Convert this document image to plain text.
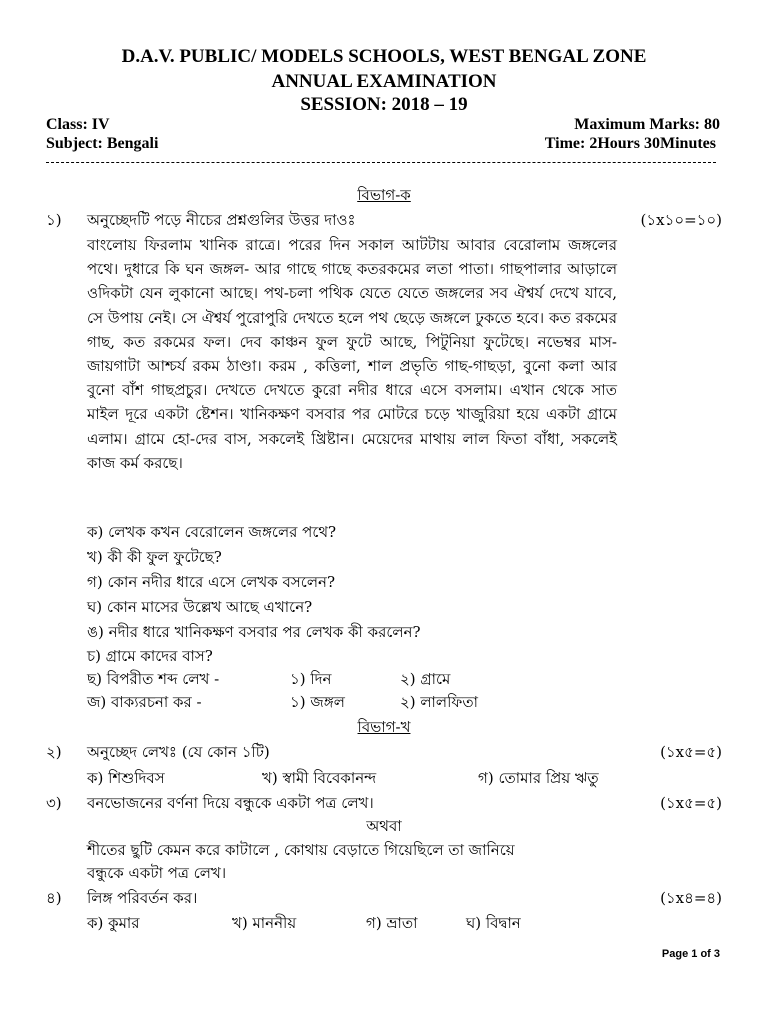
D.A.V. PUBLIC/ MODELS SCHOOLS, WEST BENGAL ZONE
ANNUAL EXAMINATION
SESSION: 2018 – 19
Class: IV
Subject: Bengali
Maximum Marks: 80
Time: 2Hours 30Minutes
বিভাগ-ক
১) অনুচ্ছেদটি পড়ে নীচের প্রশ্নগুলির উত্তর দাওঃ	(১x১০=১০)
বাংলোয় ফিরলাম খানিক রাত্রে। পরের দিন সকাল আটটায় আবার বেরোলাম জঙ্গলের পথে। দুধারে কি ঘন জঙ্গল- আর গাছে গাছে কতরকমের লতা পাতা। গাছপালার আড়ালে ওদিকটা যেন লুকানো আছে। পথ-চলা পথিক যেতে যেতে জঙ্গলের সব ঐশ্বর্য দেখে যাবে, সে উপায় নেই। সে ঐশ্বর্য পুরোপুরি দেখতে হলে পথ ছেড়ে জঙ্গলে ঢুকতে হবে। কত রকমের গাছ, কত রকমের ফল। দেব কাঞ্চন ফুল ফুটে আছে, পিটুনিয়া ফুটেছে। নভেম্বর মাস- জায়গাটা আশ্চর্য রকম ঠাণ্ডা। করম , কত্তিলা, শাল প্রভৃতি গাছ-গাছড়া, বুনো কলা আর বুনো বাঁশ গাছপ্রচুর। দেখতে দেখতে কুরো নদীর ধারে এসে বসলাম। এখান থেকে সাত মাইল দূরে একটা ষ্টেশন। খানিকক্ষণ বসবার পর মোটরে চড়ে খাজুরিয়া হয়ে একটা গ্রামে এলাম। গ্রামে হো-দের বাস, সকলেই খ্রিষ্টান। মেয়েদের মাথায় লাল ফিতা বাঁধা, সকলেই কাজ কর্ম করছে।
ক) লেখক কখন বেরোলেন জঙ্গলের পথে?
খ) কী কী ফুল ফুটেছে?
গ) কোন নদীর ধারে এসে লেখক বসলেন?
ঘ) কোন মাসের উল্লেখ আছে এখানে?
ঙ) নদীর ধারে খানিকক্ষণ বসবার পর লেখক কী করলেন?
চ) গ্রামে কাদের বাস?
ছ) বিপরীত শব্দ লেখ -	১) দিন	২) গ্রামে
জ) বাক্যরচনা কর -	১) জঙ্গল	২) লালফিতা
বিভাগ-খ
২) অনুচ্ছেদ লেখঃ (যে কোন ১টি)	(১x৫=৫)
ক) শিশুদিবস	খ) স্বামী বিবেকানন্দ	গ) তোমার প্রিয় ঋতু
৩) বনভোজনের বর্ণনা দিয়ে বন্ধুকে একটা পত্র লেখ।	(১x৫=৫)
অথবা
শীতের ছুটি কেমন করে কাটালে , কোথায় বেড়াতে গিয়েছিলে তা জানিয়ে
বন্ধুকে একটা পত্র লেখ।
৪) লিঙ্গ পরিবর্তন কর।	(১x৪=৪)
ক) কুমার	খ) মাননীয়	গ) ভ্রাতা	ঘ) বিদ্বান
Page 1 of 3
